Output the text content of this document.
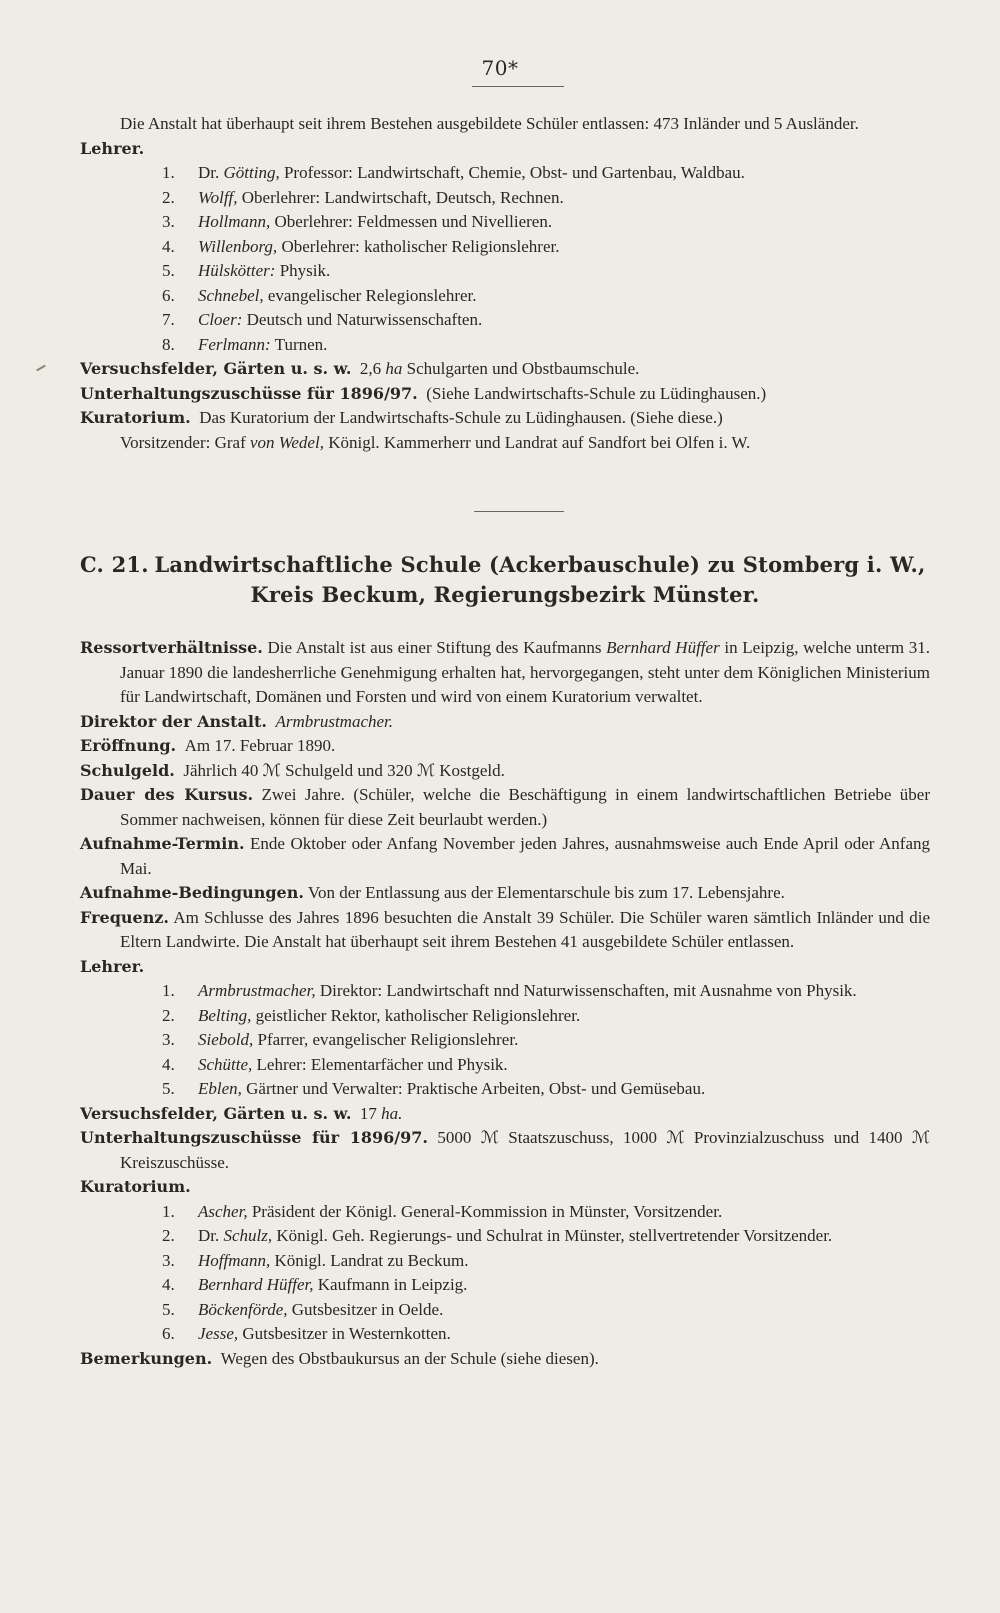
70*

Die Anstalt hat überhaupt seit ihrem Bestehen ausgebildete Schüler entlassen: 473 Inländer und 5 Ausländer.

Lehrer.

1. Dr. Götting, Professor: Landwirtschaft, Chemie, Obst- und Gartenbau, Waldbau.

2. Wolff, Oberlehrer: Landwirtschaft, Deutsch, Rechnen.

3. Hollmann, Oberlehrer: Feldmessen und Nivellieren.

4. Willenborg, Oberlehrer: katholischer Religionslehrer.

5. Hülskötter: Physik.

6. Schnebel, evangelischer Relegionslehrer.

7. Cloer: Deutsch und Naturwissenschaften.

8. Ferlmann: Turnen.

Versuchsfelder, Gärten u. s. w. 2,6 ha Schulgarten und Obstbaumschule.

Unterhaltungszuschüsse für 1896/97. (Siehe Landwirtschafts-Schule zu Lüdinghausen.)

Kuratorium. Das Kuratorium der Landwirtschafts-Schule zu Lüdinghausen. (Siehe diese.)

Vorsitzender: Graf von Wedel, Königl. Kammerherr und Landrat auf Sandfort bei Olfen i. W.

C. 21. Landwirtschaftliche Schule (Ackerbauschule) zu Stomberg i. W.,
Kreis Beckum, Regierungsbezirk Münster.

Ressortverhältnisse. Die Anstalt ist aus einer Stiftung des Kaufmanns Bernhard Hüffer in Leipzig, welche unterm 31. Januar 1890 die landesherrliche Genehmigung erhalten hat, hervorgegangen, steht unter dem Königlichen Ministerium für Landwirtschaft, Domänen und Forsten und wird von einem Kuratorium verwaltet.

Direktor der Anstalt. Armbrustmacher.

Eröffnung. Am 17. Februar 1890.

Schulgeld. Jährlich 40 ℳ Schulgeld und 320 ℳ Kostgeld.

Dauer des Kursus. Zwei Jahre. (Schüler, welche die Beschäftigung in einem landwirtschaftlichen Betriebe über Sommer nachweisen, können für diese Zeit beurlaubt werden.)

Aufnahme-Termin. Ende Oktober oder Anfang November jeden Jahres, ausnahmsweise auch Ende April oder Anfang Mai.

Aufnahme-Bedingungen. Von der Entlassung aus der Elementarschule bis zum 17. Lebensjahre.

Frequenz. Am Schlusse des Jahres 1896 besuchten die Anstalt 39 Schüler. Die Schüler waren sämtlich Inländer und die Eltern Landwirte. Die Anstalt hat überhaupt seit ihrem Bestehen 41 ausgebildete Schüler entlassen.

Lehrer.

1. Armbrustmacher, Direktor: Landwirtschaft nnd Naturwissenschaften, mit Ausnahme von Physik.

2. Belting, geistlicher Rektor, katholischer Religionslehrer.

3. Siebold, Pfarrer, evangelischer Religionslehrer.

4. Schütte, Lehrer: Elementarfächer und Physik.

5. Eblen, Gärtner und Verwalter: Praktische Arbeiten, Obst- und Gemüsebau.

Versuchsfelder, Gärten u. s. w. 17 ha.

Unterhaltungszuschüsse für 1896/97. 5000 ℳ Staatszuschuss, 1000 ℳ Provinzialzuschuss und 1400 ℳ Kreiszuschüsse.

Kuratorium.

1. Ascher, Präsident der Königl. General-Kommission in Münster, Vorsitzender.

2. Dr. Schulz, Königl. Geh. Regierungs- und Schulrat in Münster, stellvertretender Vorsitzender.

3. Hoffmann, Königl. Landrat zu Beckum.

4. Bernhard Hüffer, Kaufmann in Leipzig.

5. Böckenförde, Gutsbesitzer in Oelde.

6. Jesse, Gutsbesitzer in Westernkotten.

Bemerkungen. Wegen des Obstbaukursus an der Schule (siehe diesen).
